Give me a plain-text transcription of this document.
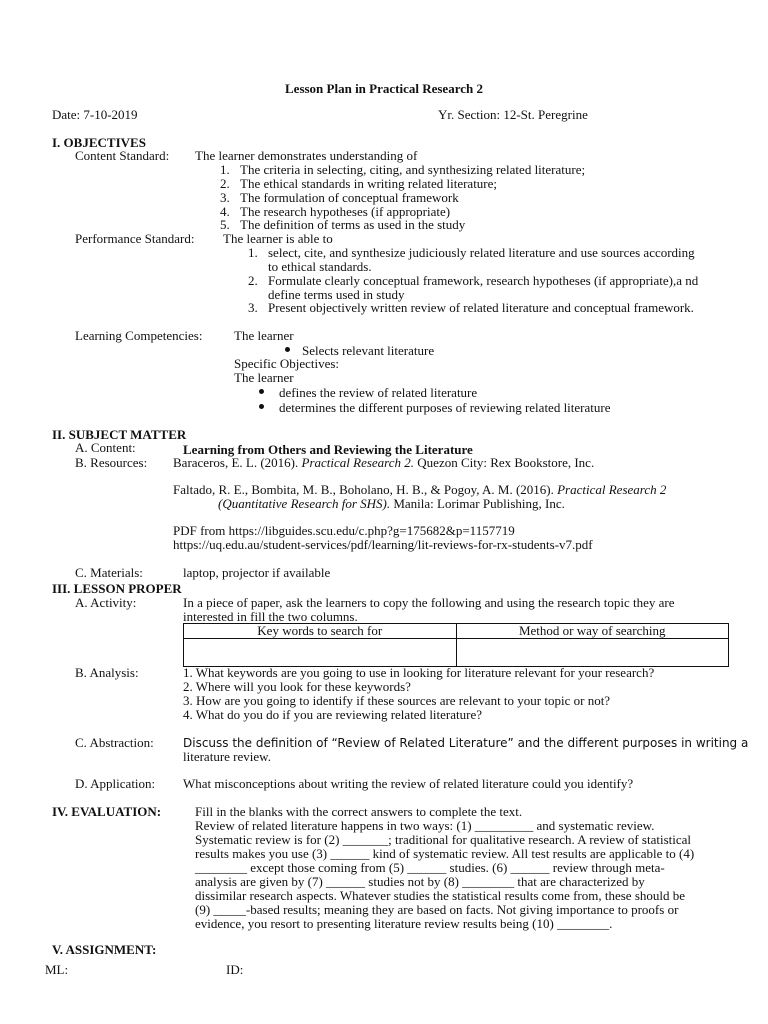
Lesson Plan in Practical Research 2
Date: 7-10-2019	Yr. Section: 12-St. Peregrine
I. OBJECTIVES
Content Standard: The learner demonstrates understanding of
1. The criteria in selecting, citing, and synthesizing related literature;
2. The ethical standards in writing related literature;
3. The formulation of conceptual framework
4. The research hypotheses (if appropriate)
5. The definition of terms as used in the study
Performance Standard: The learner is able to
1. select, cite, and synthesize judiciously related literature and use sources according
to ethical standards.
2. Formulate clearly conceptual framework, research hypotheses (if appropriate),a nd
define terms used in study
3. Present objectively written review of related literature and conceptual framework.
Learning Competencies: The learner
Selects relevant literature
Specific Objectives:
The learner
defines the review of related literature
determines the different purposes of reviewing related literature
II. SUBJECT MATTER
A. Content:	Learning from Others and Reviewing the Literature
B. Resources: Baraceros, E. L. (2016). Practical Research 2. Quezon City: Rex Bookstore, Inc.
Faltado, R. E., Bombita, M. B., Boholano, H. B., & Pogoy, A. M. (2016). Practical Research 2
(Quantitative Research for SHS). Manila: Lorimar Publishing, Inc.
PDF from https://libguides.scu.edu/c.php?g=175682&p=1157719
https://uq.edu.au/student-services/pdf/learning/lit-reviews-for-rx-students-v7.pdf
C. Materials:	laptop, projector if available
III. LESSON PROPER
A. Activity:	In a piece of paper, ask the learners to copy the following and using the research topic they are
interested in fill the two columns.
Key words to search for	Method or way of searching

B. Analysis:	1. What keywords are you going to use in looking for literature relevant for your research?
2. Where will you look for these keywords?
3. How are you going to identify if these sources are relevant to your topic or not?
4. What do you do if you are reviewing related literature?
C. Abstraction: Discuss the definition of “Review of Related Literature” and the different purposes in writing a
literature review.
D. Application: What misconceptions about writing the review of related literature could you identify?
IV. EVALUATION:	Fill in the blanks with the correct answers to complete the text.
Review of related literature happens in two ways: (1) _________ and systematic review.
Systematic review is for (2) _______; traditional for qualitative research. A review of statistical
results makes you use (3) ______ kind of systematic review. All test results are applicable to (4)
________ except those coming from (5) ______ studies. (6) ______ review through meta-
analysis are given by (7) ______ studies not by (8) ________ that are characterized by
dissimilar research aspects. Whatever studies the statistical results come from, these should be
(9) _____-based results; meaning they are based on facts. Not giving importance to proofs or
evidence, you resort to presenting literature review results being (10) ________.
V. ASSIGNMENT:
ML:	ID:
